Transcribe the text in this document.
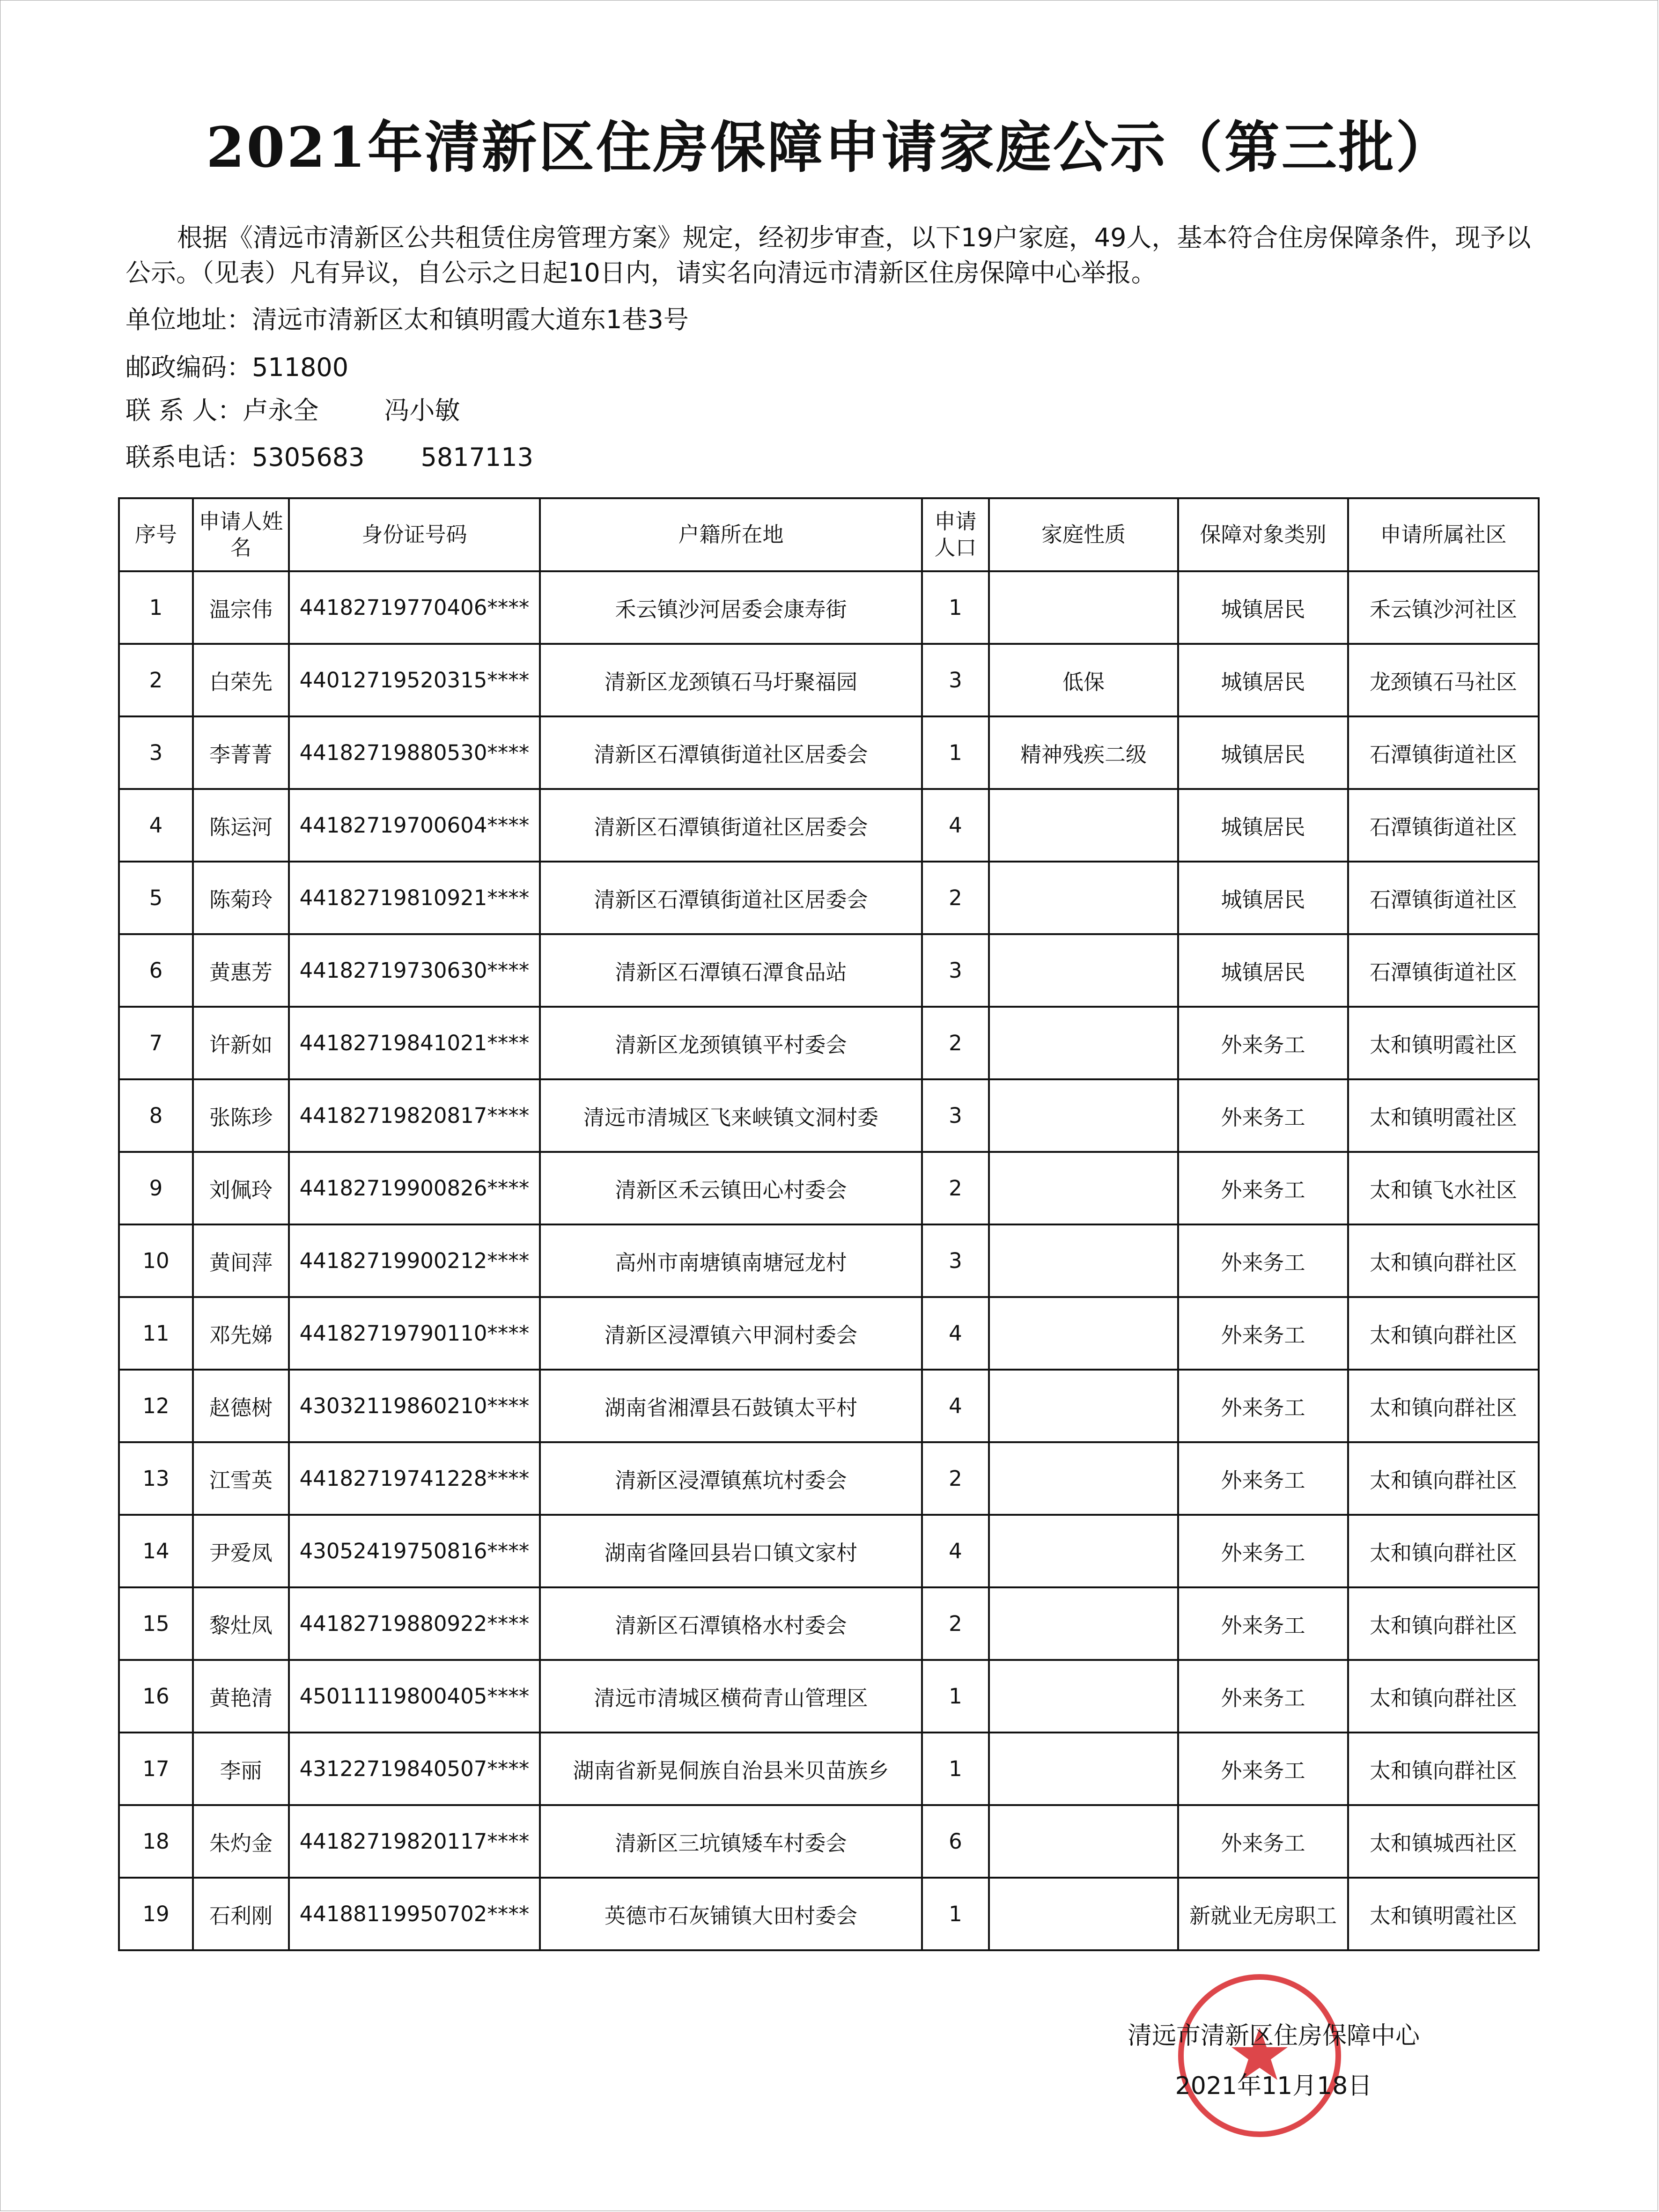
2021年清新区住房保障申请家庭公示（第三批）

根据《清远市清新区公共租赁住房管理方案》规定，经初步审查，以下19户家庭，49人，基本符合住房保障条件，现予以公示。（见表）凡有异议，自公示之日起10日内，请实名向清远市清新区住房保障中心举报。

单位地址：清远市清新区太和镇明霞大道东1巷3号
邮政编码：511800
联 系 人：卢永全	冯小敏
联系电话：5305683 5817113
序号	申请人姓名	身份证号码	户籍所在地	申请人口	家庭性质	保障对象类别	申请所属社区
1	温宗伟	44182719770406****	禾云镇沙河居委会康寿街	1		城镇居民	禾云镇沙河社区
2	白荣先	44012719520315****	清新区龙颈镇石马圩聚福园	3	低保	城镇居民	龙颈镇石马社区
3	李菁菁	44182719880530****	清新区石潭镇街道社区居委会	1	精神残疾二级	城镇居民	石潭镇街道社区
4	陈运河	44182719700604****	清新区石潭镇街道社区居委会	4		城镇居民	石潭镇街道社区
5	陈菊玲	44182719810921****	清新区石潭镇街道社区居委会	2		城镇居民	石潭镇街道社区
6	黄惠芳	44182719730630****	清新区石潭镇石潭食品站	3		城镇居民	石潭镇街道社区
7	许新如	44182719841021****	清新区龙颈镇镇平村委会	2		外来务工	太和镇明霞社区
8	张陈珍	44182719820817****	清远市清城区飞来峡镇文洞村委	3		外来务工	太和镇明霞社区
9	刘佩玲	44182719900826****	清新区禾云镇田心村委会	2		外来务工	太和镇飞水社区
10	黄间萍	44182719900212****	高州市南塘镇南塘冠龙村	3		外来务工	太和镇向群社区
11	邓先娣	44182719790110****	清新区浸潭镇六甲洞村委会	4		外来务工	太和镇向群社区
12	赵德树	43032119860210****	湖南省湘潭县石鼓镇太平村	4		外来务工	太和镇向群社区
13	江雪英	44182719741228****	清新区浸潭镇蕉坑村委会	2		外来务工	太和镇向群社区
14	尹爱凤	43052419750816****	湖南省隆回县岩口镇文家村	4		外来务工	太和镇向群社区
15	黎灶凤	44182719880922****	清新区石潭镇格水村委会	2		外来务工	太和镇向群社区
16	黄艳清	45011119800405****	清远市清城区横荷青山管理区	1		外来务工	太和镇向群社区
17	李丽	43122719840507****	湖南省新晃侗族自治县米贝苗族乡	1		外来务工	太和镇向群社区
18	朱灼金	44182719820117****	清新区三坑镇矮车村委会	6		外来务工	太和镇城西社区
19	石利刚	44188119950702****	英德市石灰铺镇大田村委会	1		新就业无房职工	太和镇明霞社区
清远市清新区住房保障中心
2021年11月18日
